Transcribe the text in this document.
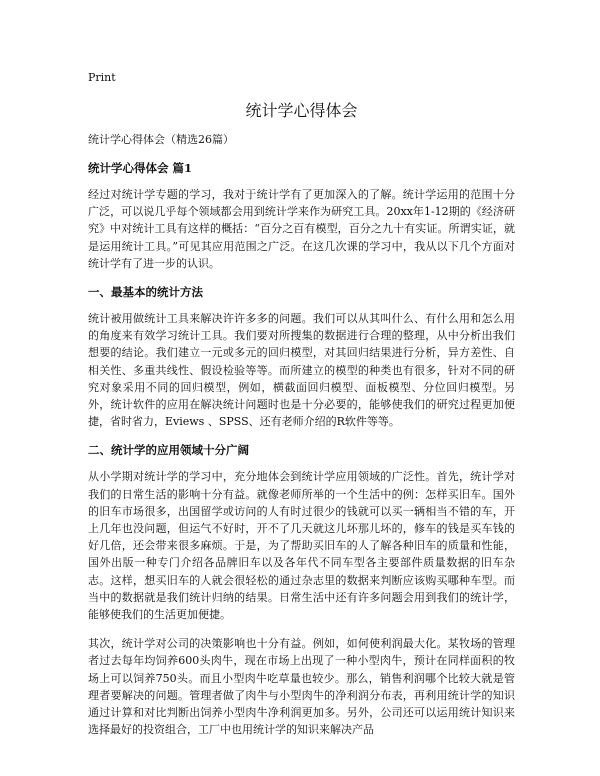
Print
统计学心得体会

统计学心得体会（精选26篇）

统计学心得体会 篇1

经过对统计学专题的学习，我对于统计学有了更加深入的了解。统计学运用的范围十分广泛，可以说几乎每个领域都会用到统计学来作为研究工具。20xx年1-12期的《经济研究》中对统计工具有这样的概括：“百分之百有模型，百分之九十有实证。所谓实证，就是运用统计工具。”可见其应用范围之广泛。在这几次课的学习中，我从以下几个方面对统计学有了进一步的认识。

一、最基本的统计方法

统计被用做统计工具来解决许许多多的问题。我们可以从其叫什么、有什么用和怎么用的角度来有效学习统计工具。我们要对所搜集的数据进行合理的整理，从中分析出我们想要的结论。我们建立一元或多元的回归模型，对其回归结果进行分析，异方差性、自相关性、多重共线性、假设检验等等。而所建立的模型的种类也有很多，针对不同的研究对象采用不同的回归模型，例如，横截面回归模型、面板模型、分位回归模型。另外，统计软件的应用在解决统计问题时也是十分必要的，能够使我们的研究过程更加便捷，省时省力，Eviews 、SPSS、还有老师介绍的R软件等等。

二、统计学的应用领域十分广阔

从小学期对统计学的学习中，充分地体会到统计学应用领域的广泛性。首先，统计学对我们的日常生活的影响十分有益。就像老师所举的一个生活中的例：怎样买旧车。国外的旧车市场很多，出国留学或访问的人有时过很少的钱就可以买一辆相当不错的车，开上几年也没问题，但运气不好时，开不了几天就这儿坏那儿坏的，修车的钱是买车钱的好几倍，还会带来很多麻烦。于是，为了帮助买旧车的人了解各种旧车的质量和性能，国外出版一种专门介绍各品牌旧车以及各年代不同车型各主要部件质量数据的旧车杂志。这样，想买旧车的人就会很轻松的通过杂志里的数据来判断应该购买哪种车型。而当中的数据就是我们统计归纳的结果。日常生活中还有许多问题会用到我们的统计学，能够使我们的生活更加便捷。

其次，统计学对公司的决策影响也十分有益。例如，如何使利润最大化。某牧场的管理者过去每年均饲养600头肉牛，现在市场上出现了一种小型肉牛，预计在同样面积的牧场上可以饲养750头。而且小型肉牛吃草量也较少。那么，销售利润哪个比较大就是管理者要解决的问题。管理者做了肉牛与小型肉牛的净利润分布表，再利用统计学的知识通过计算和对比判断出饲养小型肉牛净利润更加多。另外，公司还可以运用统计知识来选择最好的投资组合，工厂中也用统计学的知识来解决产品
